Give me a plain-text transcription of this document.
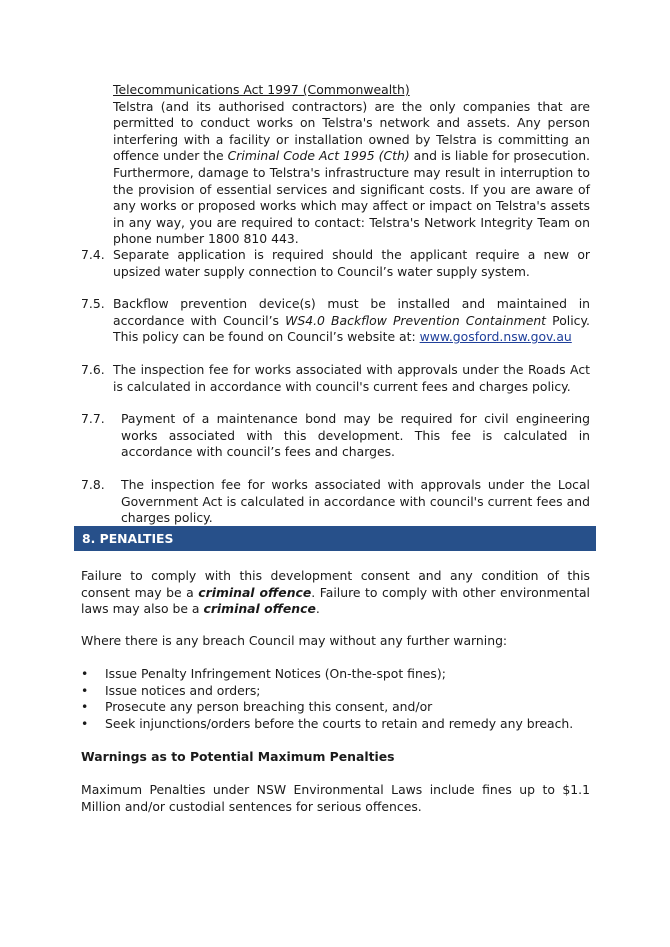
Telecommunications Act 1997 (Commonwealth)

Telstra (and its authorised contractors) are the only companies that are permitted to conduct works on Telstra's network and assets. Any person interfering with a facility or installation owned by Telstra is committing an offence under the Criminal Code Act 1995 (Cth) and is liable for prosecution. Furthermore, damage to Telstra's infrastructure may result in interruption to the provision of essential services and significant costs. If you are aware of any works or proposed works which may affect or impact on Telstra's assets in any way, you are required to contact: Telstra's Network Integrity Team on phone number 1800 810 443.

7.4. Separate application is required should the applicant require a new or upsized water supply connection to Council’s water supply system.

7.5. Backflow prevention device(s) must be installed and maintained in accordance with Council’s WS4.0 Backflow Prevention Containment Policy. This policy can be found on Council’s website at: www.gosford.nsw.gov.au

7.6. The inspection fee for works associated with approvals under the Roads Act is calculated in accordance with council's current fees and charges policy.

7.7. Payment of a maintenance bond may be required for civil engineering works associated with this development. This fee is calculated in accordance with council’s fees and charges.

7.8. The inspection fee for works associated with approvals under the Local Government Act is calculated in accordance with council's current fees and charges policy.

8. PENALTIES

Failure to comply with this development consent and any condition of this consent may be a criminal offence. Failure to comply with other environmental laws may also be a criminal offence.

Where there is any breach Council may without any further warning:

• Issue Penalty Infringement Notices (On-the-spot fines);
• Issue notices and orders;
• Prosecute any person breaching this consent, and/or
• Seek injunctions/orders before the courts to retain and remedy any breach.

Warnings as to Potential Maximum Penalties

Maximum Penalties under NSW Environmental Laws include fines up to $1.1 Million and/or custodial sentences for serious offences.
